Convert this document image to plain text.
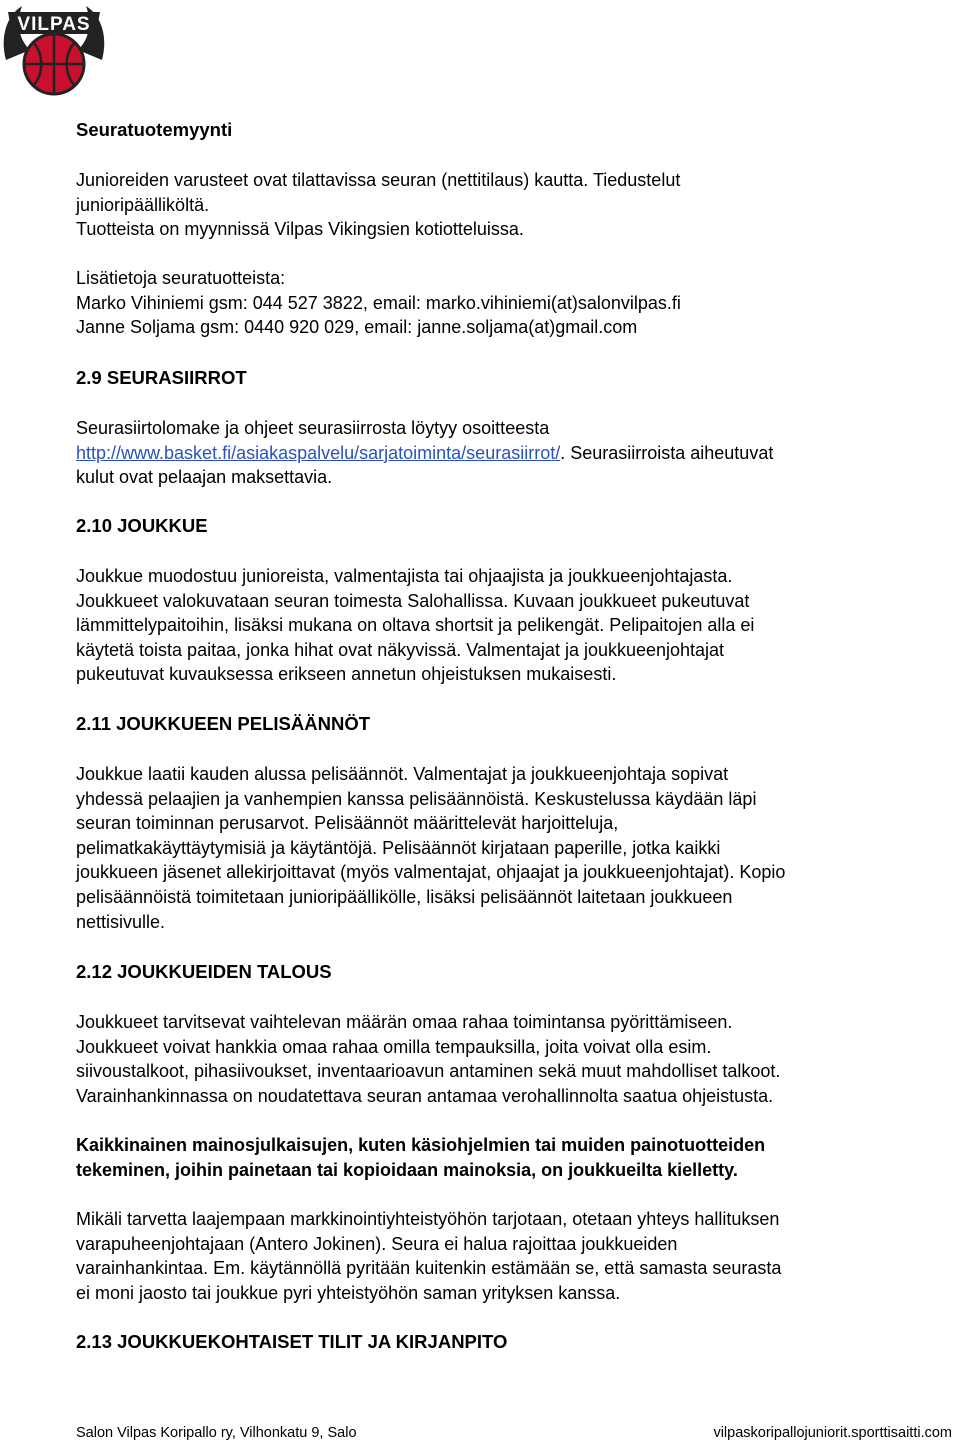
VILPAS
Seuratuotemyynti
Junioreiden varusteet ovat tilattavissa seuran (nettitilaus) kautta. Tiedustelut
junioripäälliköltä.
Tuotteista on myynnissä Vilpas Vikingsien kotiotteluissa.
Lisätietoja seuratuotteista:
Marko Vihiniemi gsm: 044 527 3822, email: marko.vihiniemi(at)salonvilpas.fi
Janne Soljama gsm: 0440 920 029, email: janne.soljama(at)gmail.com
2.9 SEURASIIRROT
Seurasiirtolomake ja ohjeet seurasiirrosta löytyy osoitteesta
http://www.basket.fi/asiakaspalvelu/sarjatoiminta/seurasiirrot/. Seurasiirroista aiheutuvat
kulut ovat pelaajan maksettavia.
2.10 JOUKKUE
Joukkue muodostuu junioreista, valmentajista tai ohjaajista ja joukkueenjohtajasta.
Joukkueet valokuvataan seuran toimesta Salohallissa. Kuvaan joukkueet pukeutuvat
lämmittelypaitoihin, lisäksi mukana on oltava shortsit ja pelikengät. Pelipaitojen alla ei
käytetä toista paitaa, jonka hihat ovat näkyvissä. Valmentajat ja joukkueenjohtajat
pukeutuvat kuvauksessa erikseen annetun ohjeistuksen mukaisesti.
2.11 JOUKKUEEN PELISÄÄNNÖT
Joukkue laatii kauden alussa pelisäännöt. Valmentajat ja joukkueenjohtaja sopivat
yhdessä pelaajien ja vanhempien kanssa pelisäännöistä. Keskustelussa käydään läpi
seuran toiminnan perusarvot. Pelisäännöt määrittelevät harjoitteluja,
pelimatkakäyttäytymisiä ja käytäntöjä. Pelisäännöt kirjataan paperille, jotka kaikki
joukkueen jäsenet allekirjoittavat (myös valmentajat, ohjaajat ja joukkueenjohtajat). Kopio
pelisäännöistä toimitetaan junioripäällikölle, lisäksi pelisäännöt laitetaan joukkueen
nettisivulle.
2.12 JOUKKUEIDEN TALOUS
Joukkueet tarvitsevat vaihtelevan määrän omaa rahaa toimintansa pyörittämiseen.
Joukkueet voivat hankkia omaa rahaa omilla tempauksilla, joita voivat olla esim.
siivoustalkoot, pihasiivoukset, inventaarioavun antaminen sekä muut mahdolliset talkoot.
Varainhankinnassa on noudatettava seuran antamaa verohallinnolta saatua ohjeistusta.
Kaikkinainen mainosjulkaisujen, kuten käsiohjelmien tai muiden painotuotteiden
tekeminen, joihin painetaan tai kopioidaan mainoksia, on joukkueilta kielletty.
Mikäli tarvetta laajempaan markkinointiyhteistyöhön tarjotaan, otetaan yhteys hallituksen
varapuheenjohtajaan (Antero Jokinen). Seura ei halua rajoittaa joukkueiden
varainhankintaa. Em. käytännöllä pyritään kuitenkin estämään se, että samasta seurasta
ei moni jaosto tai joukkue pyri yhteistyöhön saman yrityksen kanssa.
2.13 JOUKKUEKOHTAISET TILIT JA KIRJANPITO
Salon Vilpas Koripallo ry, Vilhonkatu 9, Salo	vilpaskoripallojuniorit.sporttisaitti.com
